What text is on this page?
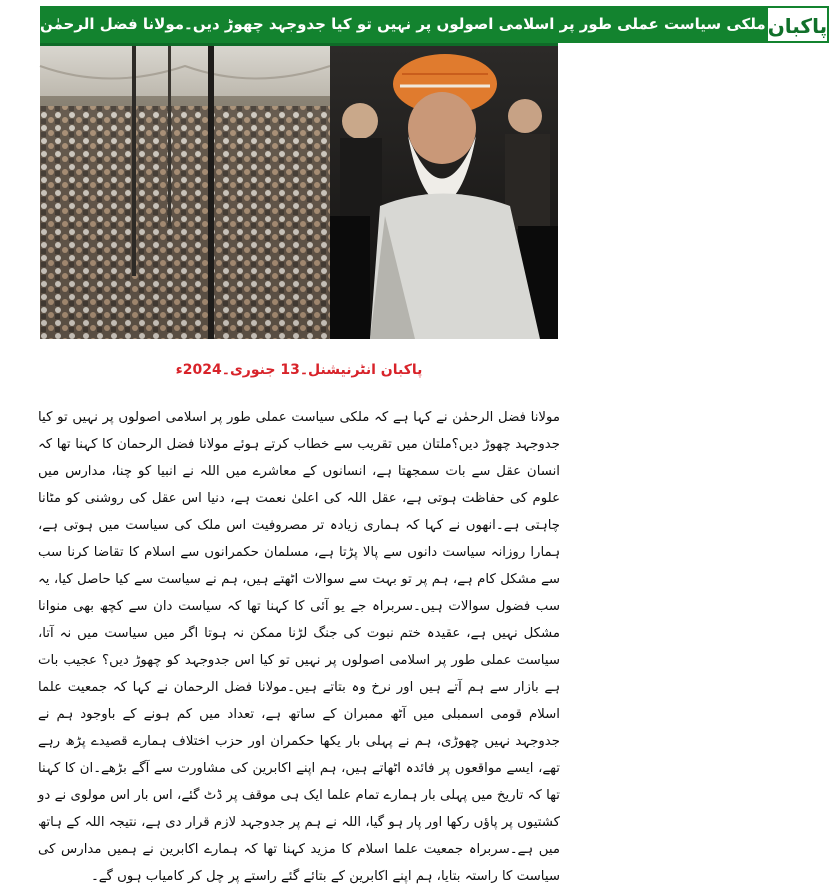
ملکی سیاست عملی طور پر اسلامی اصولوں پر نہیں تو کیا جدوجہد چھوڑ دیں۔مولانا فضل الرحمٰن پاکبان
پاکبان انٹرنیشنل۔13 جنوری۔2024ء
مولانا فضل الرحمٰن نے کہا ہے کہ ملکی سیاست عملی طور پر اسلامی اصولوں پر نہیں تو کیا جدوجہد چھوڑ دیں؟ملتان میں تقریب سے خطاب کرتے ہوئے مولانا فضل الرحمان کا کہنا تھا کہ انسان عقل سے بات سمجھتا ہے، انسانوں کے معاشرے میں اللہ نے انبیا کو چنا، مدارس میں علوم کی حفاظت ہوتی ہے، عقل اللہ کی اعلیٰ نعمت ہے، دنیا اس عقل کی روشنی کو مٹانا چاہتی ہے۔انھوں نے کہا کہ ہماری زیادہ تر مصروفیت اس ملک کی سیاست میں ہوتی ہے، ہمارا روزانہ سیاست دانوں سے پالا پڑتا ہے، مسلمان حکمرانوں سے اسلام کا تقاضا کرنا سب سے مشکل کام ہے، ہم پر تو بہت سے سوالات اٹھتے ہیں، ہم نے سیاست سے کیا حاصل کیا، یہ سب فضول سوالات ہیں۔سربراہ جے یو آئی کا کہنا تھا کہ سیاست دان سے کچھ بھی منوانا مشکل نہیں ہے، عقیدہ ختم نبوت کی جنگ لڑنا ممکن نہ ہوتا اگر میں سیاست میں نہ آتا، سیاست عملی طور پر اسلامی اصولوں پر نہیں تو کیا اس جدوجہد کو چھوڑ دیں؟ عجیب بات ہے بازار سے ہم آتے ہیں اور نرخ وہ بتاتے ہیں۔مولانا فضل الرحمان نے کہا کہ جمعیت علما اسلام قومی اسمبلی میں آٹھ ممبران کے ساتھ ہے، تعداد میں کم ہونے کے باوجود ہم نے جدوجہد نہیں چھوڑی، ہم نے پہلی بار یکھا حکمران اور حزب اختلاف ہمارے قصیدے پڑھ رہے تھے، ایسے مواقعوں پر فائدہ اٹھاتے ہیں، ہم اپنے اکابرین کی مشاورت سے آگے بڑھے۔ان کا کہنا تھا کہ تاریخ میں پہلی بار ہمارے تمام علما ایک ہی موقف پر ڈٹ گئے، اس بار اس مولوی نے دو کشتیوں پر پاؤں رکھا اور پار ہو گیا، اللہ نے ہم پر جدوجہد لازم قرار دی ہے، نتیجہ اللہ کے ہاتھ میں ہے۔سربراہ جمعیت علما اسلام کا مزید کہنا تھا کہ ہمارے اکابرین نے ہمیں مدارس کی سیاست کا راستہ بتایا، ہم اپنے اکابرین کے بتائے گئے راستے پر چل کر کامیاب ہوں گے۔
